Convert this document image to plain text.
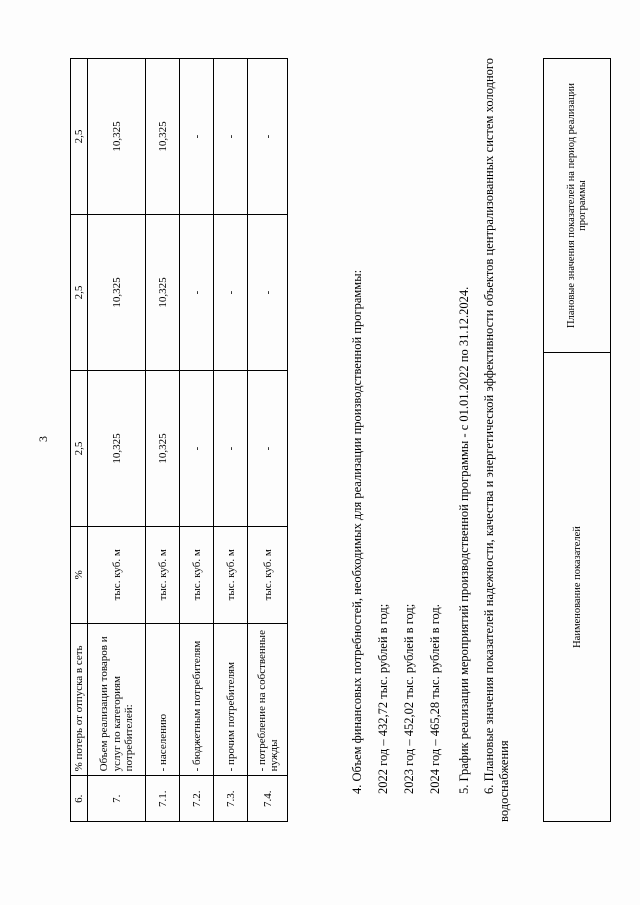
3
6.	% потерь от отпуска в сеть	%	2,5	2,5	2,5
7.	Объем реализации товаров и услуг по категориям потребителей:	тыс. куб. м	10,325	10,325	10,325
7.1.	- населению	тыс. куб. м	10,325	10,325	10,325
7.2.	- бюджетным потребителям	тыс. куб. м	-	-	-
7.3.	- прочим потребителям	тыс. куб. м	-	-	-
7.4.	- потребление на собственные нужды	тыс. куб. м	-	-	-
4. Объем финансовых потребностей, необходимых для реализации производственной программы: 2022 год – 432,72 тыс. рублей в год; 2023 год – 452,02 тыс. рублей в год; 2024 год – 465,28 тыс. рублей в год. 5. График реализации мероприятий производственной программы - с 01.01.2022 по 31.12.2024. 6. Плановые значения показателей надежности, качества и энергетической эффективности объектов централизованных систем холодного водоснабжения
Наименование показателей	Плановые значения показателей на период реализации программы
